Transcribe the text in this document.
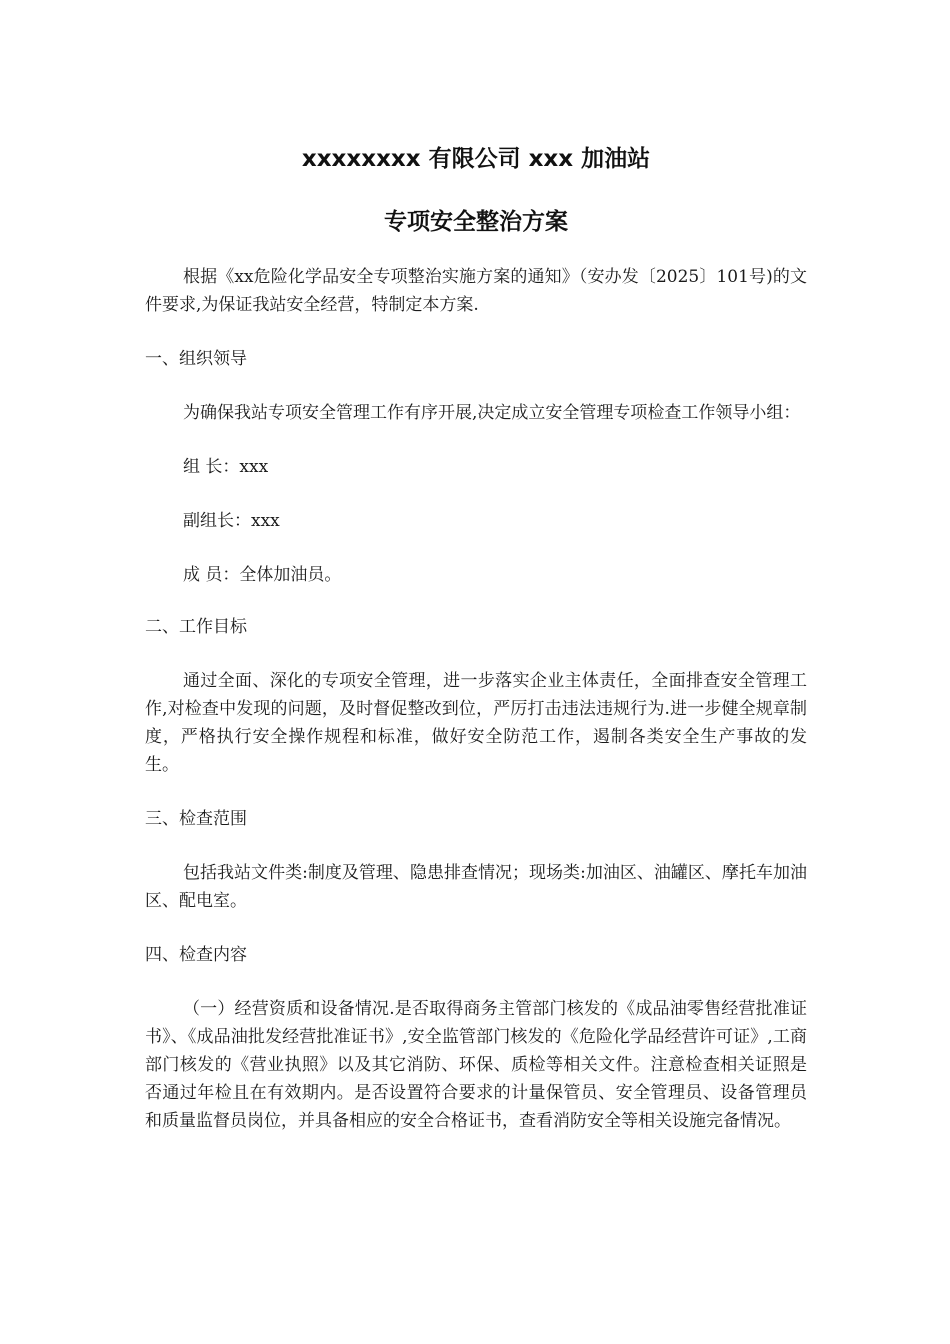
xxxxxxxx 有限公司 xxx 加油站
专项安全整治方案

根据《xx危险化学品安全专项整治实施方案的通知》（安办发〔2025〕101号)的文件要求,为保证我站安全经营，特制定本方案.

一、组织领导

为确保我站专项安全管理工作有序开展,决定成立安全管理专项检查工作领导小组：

组 长：xxx

副组长：xxx

成 员：全体加油员。

二、工作目标

通过全面、深化的专项安全管理，进一步落实企业主体责任，全面排查安全管理工作,对检查中发现的问题，及时督促整改到位，严厉打击违法违规行为.进一步健全规章制度，严格执行安全操作规程和标准，做好安全防范工作，遏制各类安全生产事故的发生。

三、检查范围

包括我站文件类:制度及管理、隐患排查情况；现场类:加油区、油罐区、摩托车加油区、配电室。

四、检查内容

（一）经营资质和设备情况.是否取得商务主管部门核发的《成品油零售经营批准证书》、《成品油批发经营批准证书》,安全监管部门核发的《危险化学品经营许可证》,工商部门核发的《营业执照》以及其它消防、环保、质检等相关文件。注意检查相关证照是否通过年检且在有效期内。是否设置符合要求的计量保管员、安全管理员、设备管理员和质量监督员岗位，并具备相应的安全合格证书，查看消防安全等相关设施完备情况。
